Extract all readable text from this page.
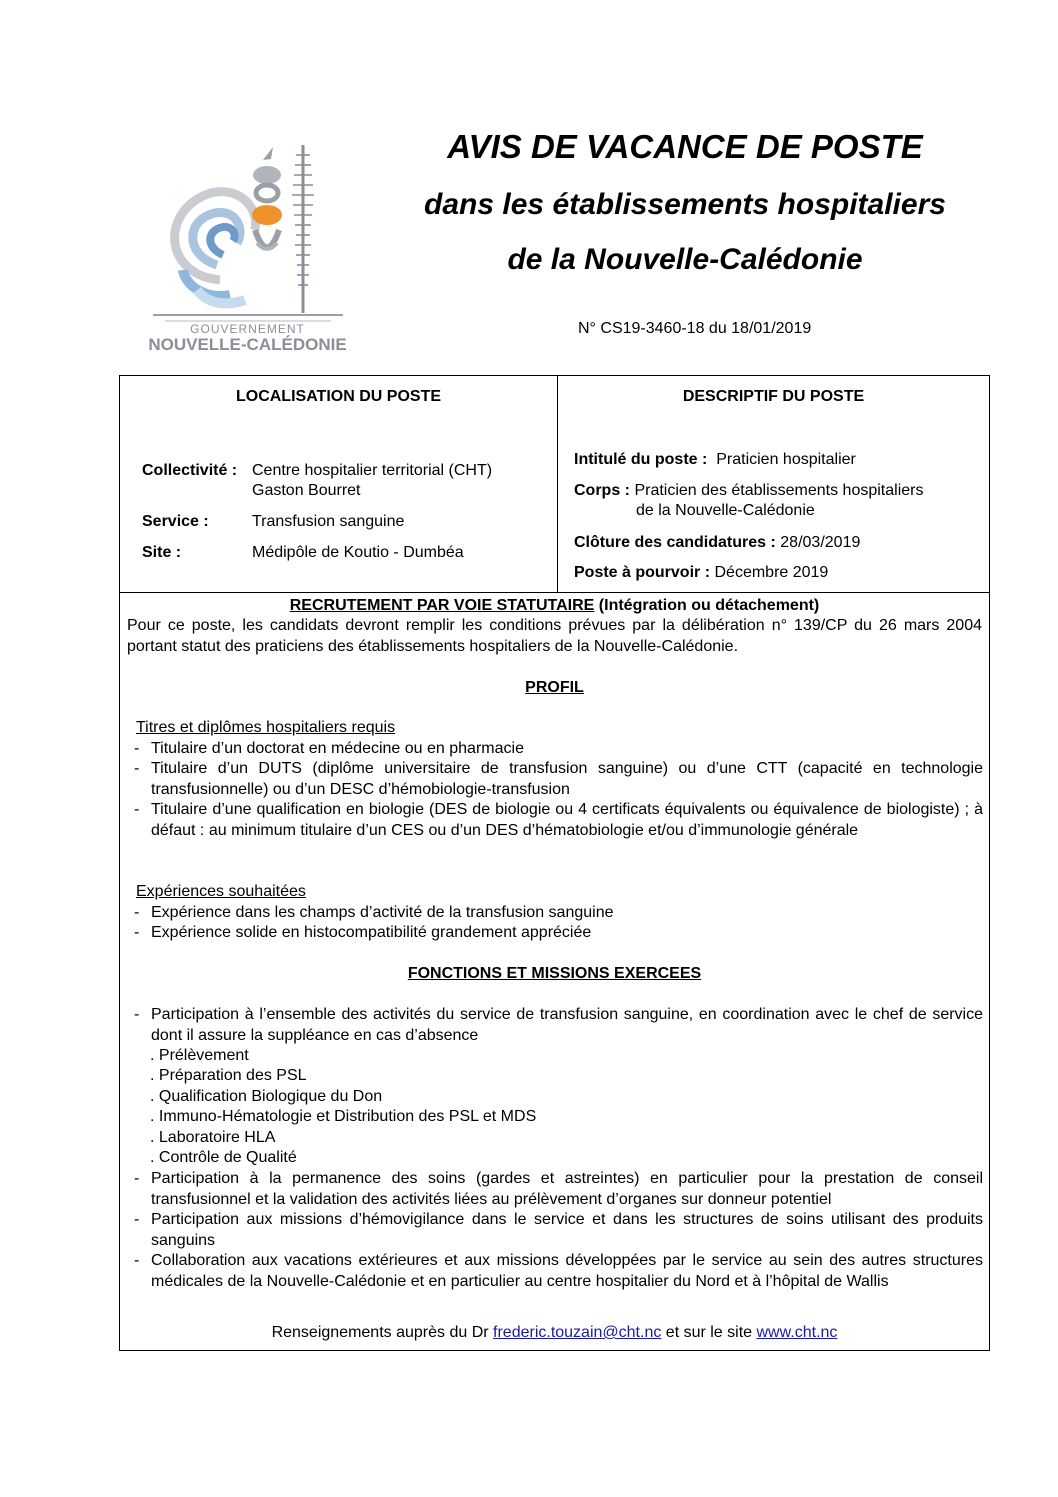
GOUVERNEMENT
NOUVELLE-CALÉDONIE
AVIS DE VACANCE DE POSTE
dans les établissements hospitaliers
de la Nouvelle-Calédonie
N° CS19-3460-18 du 18/01/2019
LOCALISATION DU POSTE
Collectivité : Centre hospitalier territorial (CHT)
Gaston Bourret
Service :	Transfusion sanguine
Site :	Médipôle de Koutio - Dumbéa
DESCRIPTIF DU POSTE
Intitulé du poste : Praticien hospitalier
Corps : Praticien des établissements hospitaliers
de la Nouvelle-Calédonie
Clôture des candidatures : 28/03/2019
Poste à pourvoir : Décembre 2019
RECRUTEMENT PAR VOIE STATUTAIRE (Intégration ou détachement)
Pour ce poste, les candidats devront remplir les conditions prévues par la délibération n° 139/CP du 26 mars 2004 portant statut des praticiens des établissements hospitaliers de la Nouvelle-Calédonie.
PROFIL
Titres et diplômes hospitaliers requis
- Titulaire d’un doctorat en médecine ou en pharmacie
- Titulaire d’un DUTS (diplôme universitaire de transfusion sanguine) ou d’une CTT (capacité en technologie transfusionnelle) ou d’un DESC d’hémobiologie-transfusion
- Titulaire d’une qualification en biologie (DES de biologie ou 4 certificats équivalents ou équivalence de biologiste) ; à défaut : au minimum titulaire d’un CES ou d’un DES d’hématobiologie et/ou d’immunologie générale
Expériences souhaitées
- Expérience dans les champs d’activité de la transfusion sanguine
- Expérience solide en histocompatibilité grandement appréciée
FONCTIONS ET MISSIONS EXERCEES
- Participation à l’ensemble des activités du service de transfusion sanguine, en coordination avec le chef de service dont il assure la suppléance en cas d’absence
. Prélèvement
. Préparation des PSL
. Qualification Biologique du Don
. Immuno-Hématologie et Distribution des PSL et MDS
. Laboratoire HLA
. Contrôle de Qualité
- Participation à la permanence des soins (gardes et astreintes) en particulier pour la prestation de conseil transfusionnel et la validation des activités liées au prélèvement d’organes sur donneur potentiel
- Participation aux missions d’hémovigilance dans le service et dans les structures de soins utilisant des produits sanguins
- Collaboration aux vacations extérieures et aux missions développées par le service au sein des autres structures médicales de la Nouvelle-Calédonie et en particulier au centre hospitalier du Nord et à l’hôpital de Wallis
Renseignements auprès du Dr frederic.touzain@cht.nc et sur le site www.cht.nc
